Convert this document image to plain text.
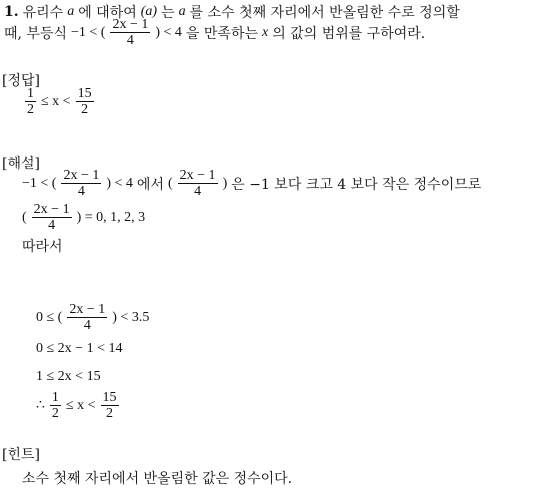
1. 유리수 a 에 대하여 (a) 는 a 를 소수 첫째 자리에서 반올림한 수로 정의할
때, 부등식 −1 < ( $\frac{2x - 1}{4}$ ) < 4 을 만족하는 x 의 값의 범위를 구하여라.
[정답]
$\frac{1}{2} \le x < \frac{15}{2}$
[해설]
−1 < ( $\frac{2x - 1}{4}$ ) < 4 에서 ( $\frac{2x - 1}{4}$ ) 은 −1 보다 크고 4 보다 작은 정수이므로
( $\frac{2x - 1}{4}$ ) = 0, 1, 2, 3
따라서
0 ≤ ( $\frac{2x - 1}{4}$ ) < 3.5
0 ≤ 2x − 1 < 14
1 ≤ 2x < 15
∴ $\frac{1}{2} \le x < \frac{15}{2}$
[힌트]
소수 첫째 자리에서 반올림한 값은 정수이다.
